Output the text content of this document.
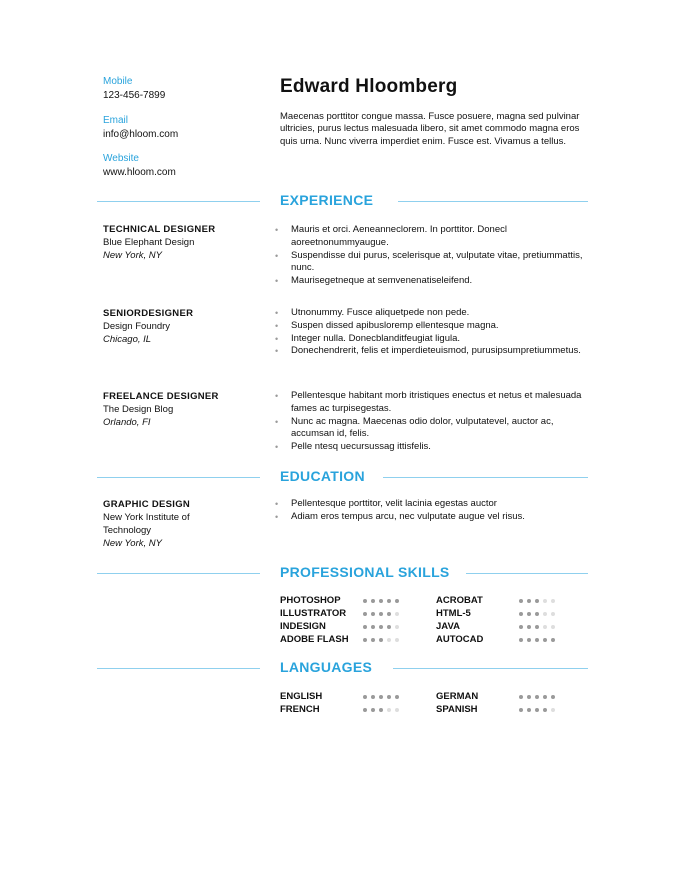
Mobile
123-456-7899
Email
info@hloom.com
Website
www.hloom.com
Edward Hloomberg
Maecenas porttitor congue massa. Fusce posuere, magna sed pulvinar ultricies, purus lectus malesuada libero, sit amet commodo magna eros quis urna. Nunc viverra imperdiet enim. Fusce est. Vivamus a tellus.
EXPERIENCE
TECHNICAL DESIGNER
Blue Elephant Design
New York, NY
• Mauris et orci. Aeneanneclorem. In porttitor. Donecl aoreetnonummyaugue.
• Suspendisse dui purus, scelerisque at, vulputate vitae, pretiummattis, nunc.
• Maurisegetneque at semvenenatiseleifend.
SENIORDESIGNER
Design Foundry
Chicago, IL
• Utnonummy. Fusce aliquetpede non pede.
• Suspen dissed apibusloremp ellentesque magna.
• Integer nulla. Donecblanditfeugiat ligula.
• Donechendrerit, felis et imperdieteuismod, purusipsumpretiummetus.
FREELANCE DESIGNER
The Design Blog
Orlando, FI
• Pellentesque habitant morb itristiques enectus et netus et malesuada fames ac turpisegestas.
• Nunc ac magna. Maecenas odio dolor, vulputatevel, auctor ac, accumsan id, felis.
• Pelle ntesq uecursussag ittisfelis.
EDUCATION
GRAPHIC DESIGN
New York Institute of Technology
New York, NY
• Pellentesque porttitor, velit lacinia egestas auctor
• Adiam eros tempus arcu, nec vulputate augue vel risus.
PROFESSIONAL SKILLS
PHOTOSHOP
ILLUSTRATOR
INDESIGN
ADOBE FLASH
ACROBAT
HTML-5
JAVA
AUTOCAD
LANGUAGES
ENGLISH
FRENCH
GERMAN
SPANISH
